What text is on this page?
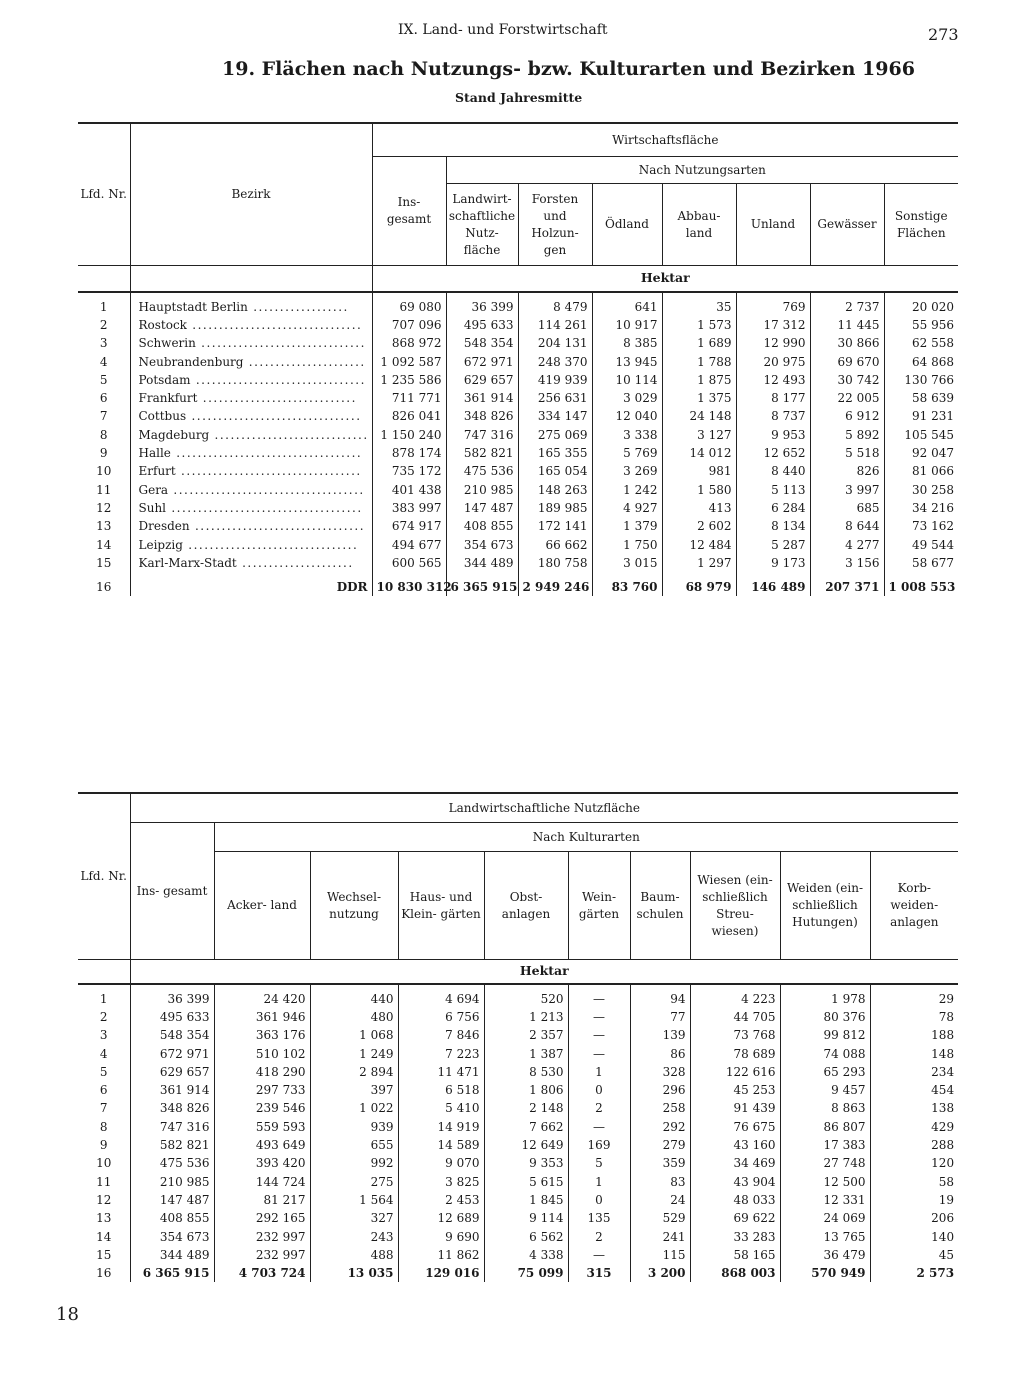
IX. Land- und Forstwirtschaft	273
19. Flächen nach Nutzungs- bzw. Kulturarten und Bezirken 1966
Stand Jahresmitte
Lfd. Nr.	Bezirk	Wirtschaftsfläche							
		Ins- gesamt	Nach Nutzungsarten						
			Landwirt- schaftliche Nutz- fläche	Forsten und Holzun- gen	Ödland	Abbau- land	Unland	Gewässer	Sonstige Flächen
		Hektar							

1	Hauptstadt Berlin ..................	69 080	36 399	8 479	641	35	769	2 737	20 020
2	Rostock ................................	707 096	495 633	114 261	10 917	1 573	17 312	11 445	55 956
3	Schwerin ...............................	868 972	548 354	204 131	8 385	1 689	12 990	30 866	62 558
4	Neubrandenburg ......................	1 092 587	672 971	248 370	13 945	1 788	20 975	69 670	64 868
5	Potsdam ................................	1 235 586	629 657	419 939	10 114	1 875	12 493	30 742	130 766
6	Frankfurt .............................	711 771	361 914	256 631	3 029	1 375	8 177	22 005	58 639
7	Cottbus ................................	826 041	348 826	334 147	12 040	24 148	8 737	6 912	91 231
8	Magdeburg .............................	1 150 240	747 316	275 069	3 338	3 127	9 953	5 892	105 545
9	Halle ...................................	878 174	582 821	165 355	5 769	14 012	12 652	5 518	92 047
10	Erfurt ..................................	735 172	475 536	165 054	3 269	981	8 440	826	81 066
11	Gera ....................................	401 438	210 985	148 263	1 242	1 580	5 113	3 997	30 258
12	Suhl ....................................	383 997	147 487	189 985	4 927	413	6 284	685	34 216
13	Dresden ................................	674 917	408 855	172 141	1 379	2 602	8 134	8 644	73 162
14	Leipzig ................................	494 677	354 673	66 662	1 750	12 484	5 287	4 277	49 544
15	Karl-Marx-Stadt .....................	600 565	344 489	180 758	3 015	1 297	9 173	3 156	58 677

16	DDR	10 830 312	6 365 915	2 949 246	83 760	68 979	146 489	207 371	1 008 553
Lfd. Nr.	Landwirtschaftliche Nutzfläche									
	Ins- gesamt	Nach Kulturarten								
		Acker- land	Wechsel- nutzung	Haus- und Klein- gärten	Obst- anlagen	Wein- gärten	Baum- schulen	Wiesen (ein- schließlich Streu- wiesen)	Weiden (ein- schließlich Hutungen)	Korb- weiden- anlagen
	Hektar									

1	36 399	24 420	440	4 694	520	—	94	4 223	1 978	29
2	495 633	361 946	480	6 756	1 213	—	77	44 705	80 376	78
3	548 354	363 176	1 068	7 846	2 357	—	139	73 768	99 812	188
4	672 971	510 102	1 249	7 223	1 387	—	86	78 689	74 088	148
5	629 657	418 290	2 894	11 471	8 530	1	328	122 616	65 293	234
6	361 914	297 733	397	6 518	1 806	0	296	45 253	9 457	454
7	348 826	239 546	1 022	5 410	2 148	2	258	91 439	8 863	138
8	747 316	559 593	939	14 919	7 662	—	292	76 675	86 807	429
9	582 821	493 649	655	14 589	12 649	169	279	43 160	17 383	288
10	475 536	393 420	992	9 070	9 353	5	359	34 469	27 748	120
11	210 985	144 724	275	3 825	5 615	1	83	43 904	12 500	58
12	147 487	81 217	1 564	2 453	1 845	0	24	48 033	12 331	19
13	408 855	292 165	327	12 689	9 114	135	529	69 622	24 069	206
14	354 673	232 997	243	9 690	6 562	2	241	33 283	13 765	140
15	344 489	232 997	488	11 862	4 338	—	115	58 165	36 479	45
16	6 365 915	4 703 724	13 035	129 016	75 099	315	3 200	868 003	570 949	2 573
18
